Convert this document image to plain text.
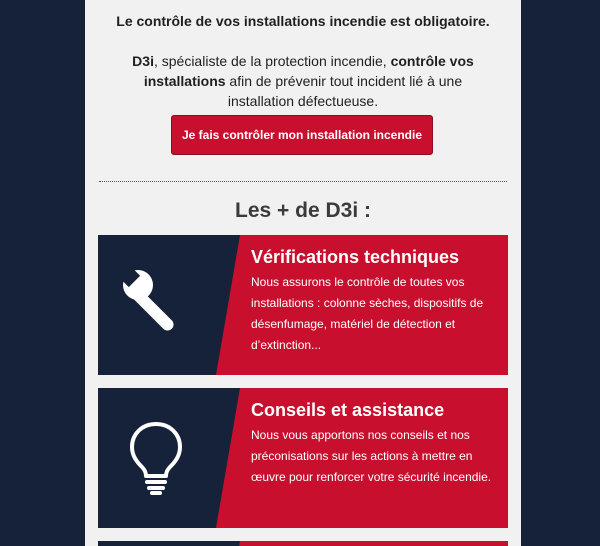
Le contrôle de vos installations incendie est obligatoire.
D3i, spécialiste de la protection incendie, contrôle vos installations afin de prévenir tout incident lié à une installation défectueuse.
Je fais contrôler mon installation incendie
Les + de D3i :
Vérifications techniques
Nous assurons le contrôle de toutes vos installations : colonne sèches, dispositifs de désenfumage, matériel de détection et d’extinction...
Conseils et assistance
Nous vous apportons nos conseils et nos préconisations sur les actions à mettre en œuvre pour renforcer votre sécurité incendie.
